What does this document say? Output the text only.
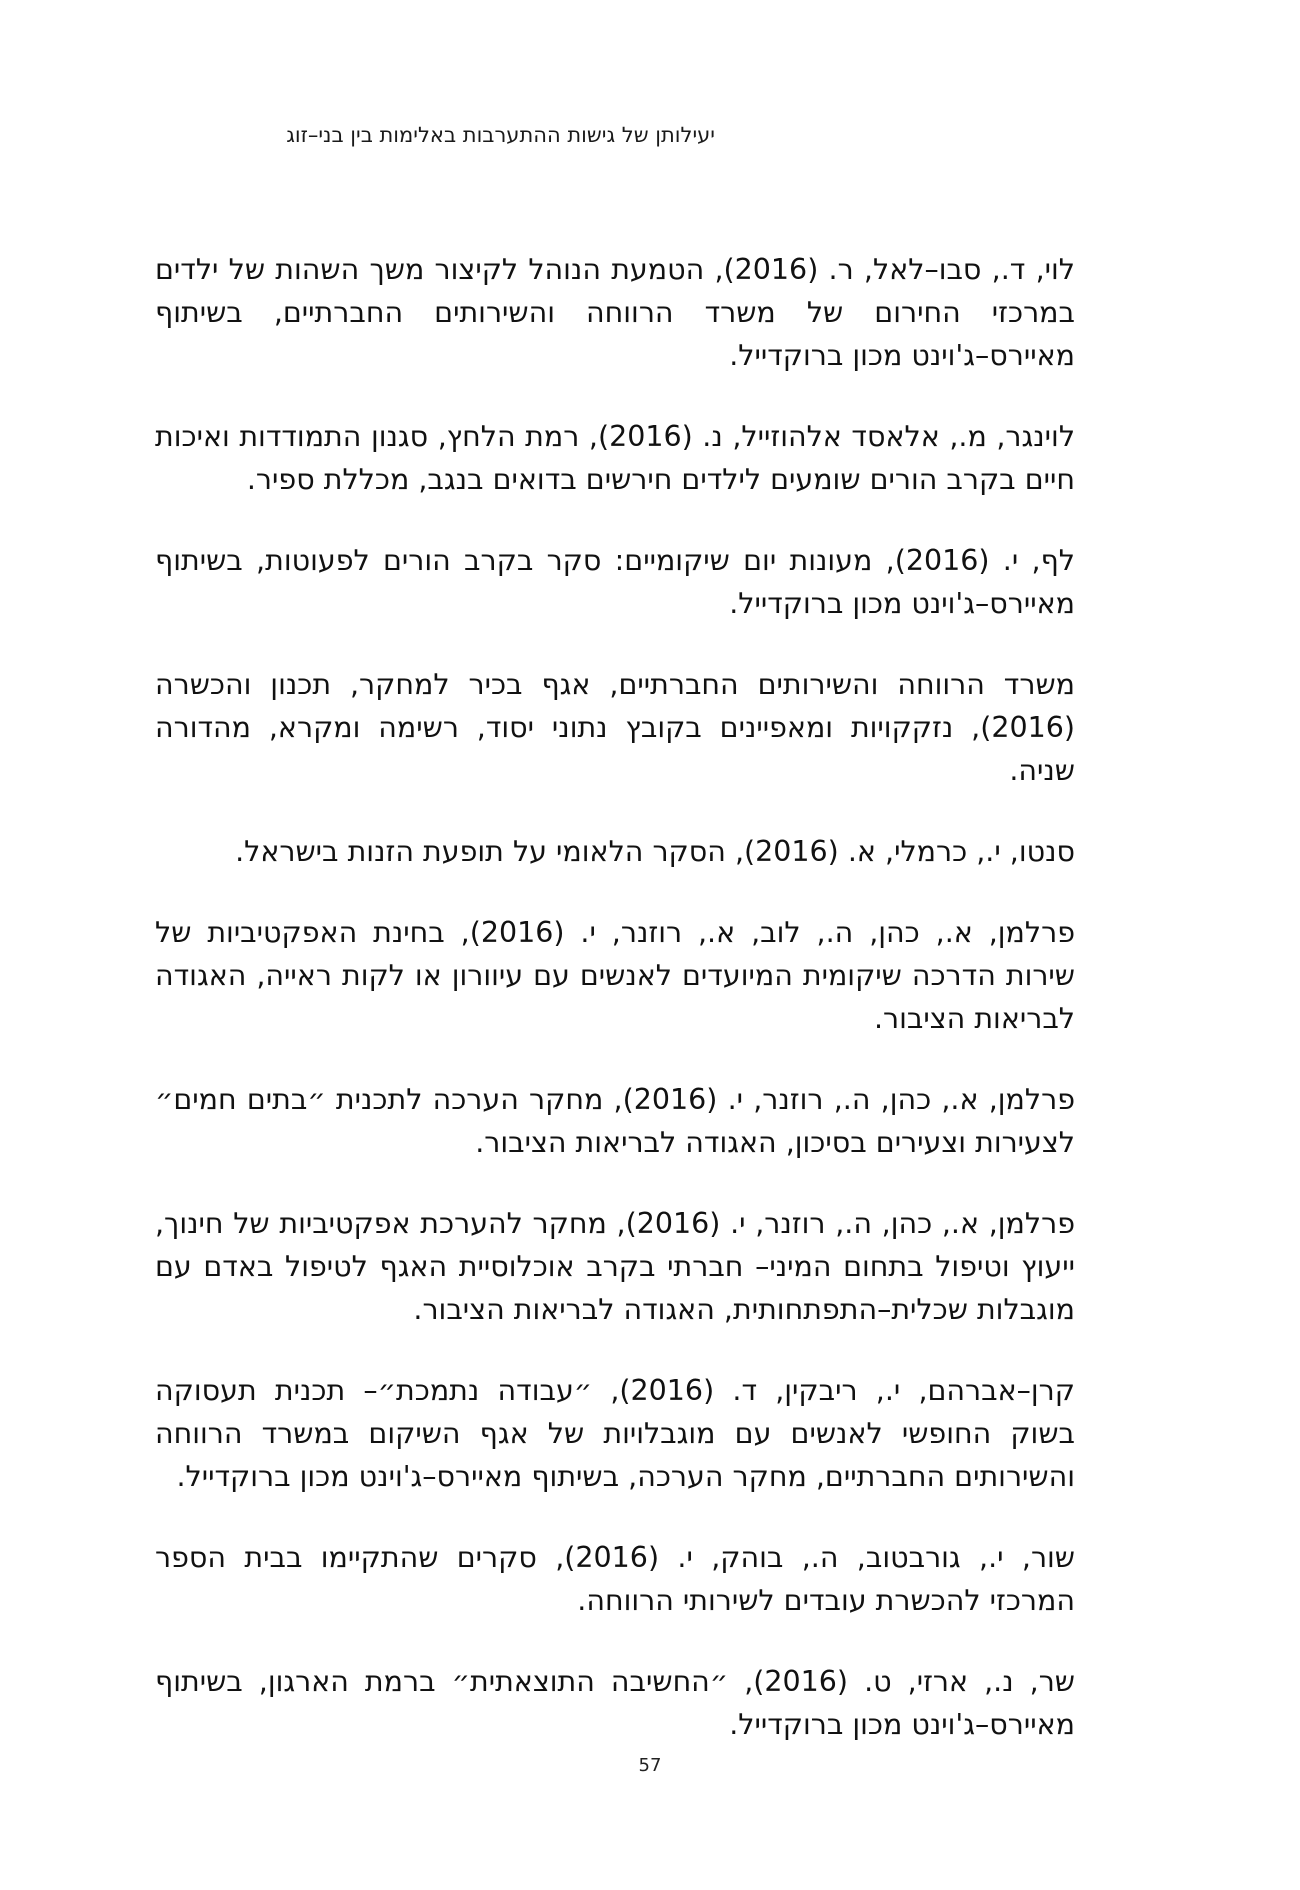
יעילותן של גישות ההתערבות באלימות בין בני–זוג

לוי, ד., סבו–לאל, ר. (2016), הטמעת הנוהל לקיצור משך השהות של ילדים במרכזי החירום של משרד הרווחה והשירותים החברתיים, בשיתוף מאיירס–ג'וינט מכון ברוקדייל.

לוינגר, מ., אלאסד אלהוזייל, נ. (2016), רמת הלחץ, סגנון התמודדות ואיכות חיים בקרב הורים שומעים לילדים חירשים בדואים בנגב, מכללת ספיר.

לף, י. (2016), מעונות יום שיקומיים: סקר בקרב הורים לפעוטות, בשיתוף מאיירס–ג'וינט מכון ברוקדייל.

משרד הרווחה והשירותים החברתיים, אגף בכיר למחקר, תכנון והכשרה (2016), נזקקויות ומאפיינים בקובץ נתוני יסוד, רשימה ומקרא, מהדורה שניה.

סנטו, י., כרמלי, א. (2016), הסקר הלאומי על תופעת הזנות בישראל.

פרלמן, א., כהן, ה., לוב, א., רוזנר, י. (2016), בחינת האפקטיביות של שירות הדרכה שיקומית המיועדים לאנשים עם עיוורון או לקות ראייה, האגודה לבריאות הציבור.

פרלמן, א., כהן, ה., רוזנר, י. (2016), מחקר הערכה לתכנית ״בתים חמים״ לצעירות וצעירים בסיכון, האגודה לבריאות הציבור.

פרלמן, א., כהן, ה., רוזנר, י. (2016), מחקר להערכת אפקטיביות של חינוך, ייעוץ וטיפול בתחום המיני– חברתי בקרב אוכלוסיית האגף לטיפול באדם עם מוגבלות שכלית–התפתחותית, האגודה לבריאות הציבור.

קרן–אברהם, י., ריבקין, ד. (2016), ״עבודה נתמכת״– תכנית תעסוקה בשוק החופשי לאנשים עם מוגבלויות של אגף השיקום במשרד הרווחה והשירותים החברתיים, מחקר הערכה, בשיתוף מאיירס–ג'וינט מכון ברוקדייל.

שור, י., גורבטוב, ה., בוהק, י. (2016), סקרים שהתקיימו בבית הספר המרכזי להכשרת עובדים לשירותי הרווחה.

שר, נ., ארזי, ט. (2016), ״החשיבה התוצאתית״ ברמת הארגון, בשיתוף מאיירס–ג'וינט מכון ברוקדייל.

57
